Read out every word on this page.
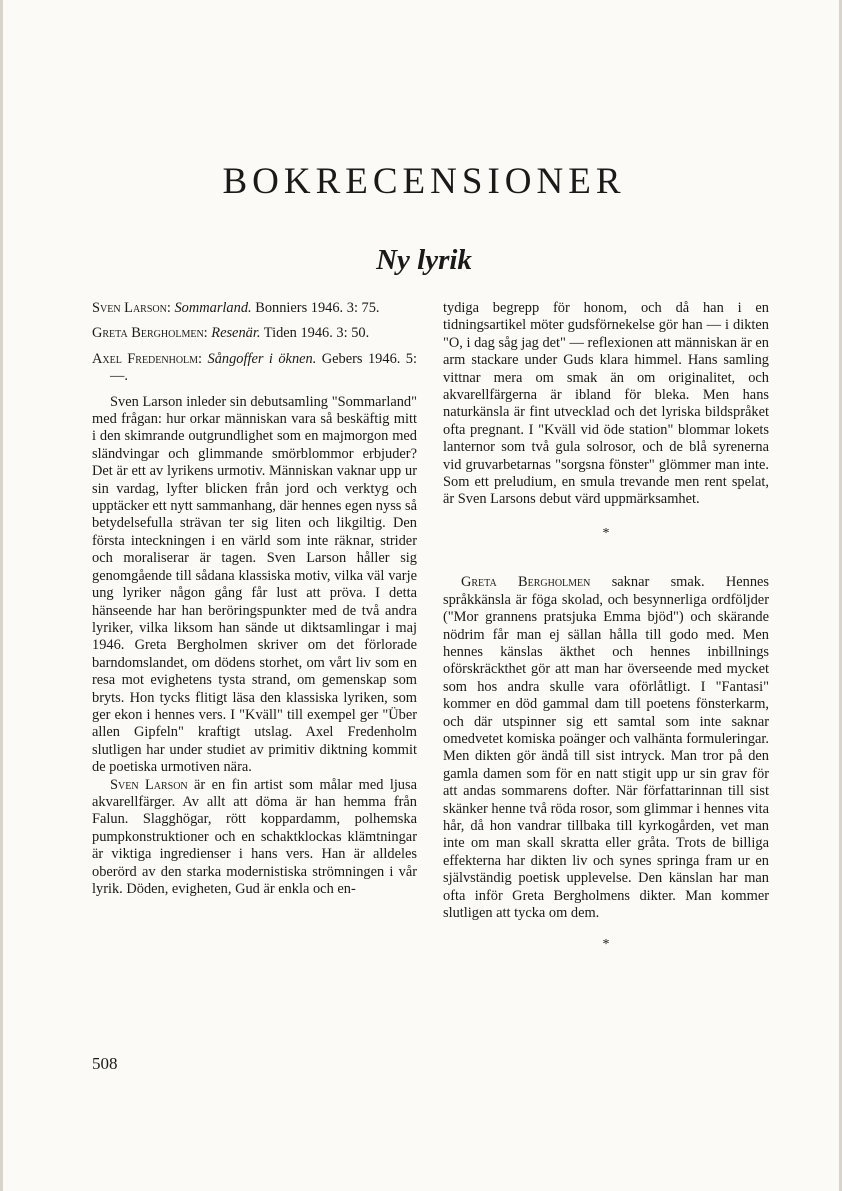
BOKRECENSIONER
Ny lyrik
Sven Larson: Sommarland. Bonniers 1946. 3: 75.
Greta Bergholmen: Resenär. Tiden 1946. 3: 50.
Axel Fredenholm: Sångoffer i öknen. Gebers 1946. 5: —.

Sven Larson inleder sin debutsamling "Sommarland" med frågan: hur orkar människan vara så beskäftig mitt i den skimrande outgrundlighet som en majmorgon med sländvingar och glimmande smörblommor erbjuder? Det är ett av lyrikens urmotiv. Människan vaknar upp ur sin vardag, lyfter blicken från jord och verktyg och upptäcker ett nytt sammanhang, där hennes egen nyss så betydelsefulla strävan ter sig liten och likgiltig. Den första inteckningen i en värld som inte räknar, strider och moraliserar är tagen. Sven Larson håller sig genomgående till sådana klassiska motiv, vilka väl varje ung lyriker någon gång får lust att pröva. I detta hänseende har han beröringspunkter med de två andra lyriker, vilka liksom han sände ut diktsamlingar i maj 1946. Greta Bergholmen skriver om det förlorade barndomslandet, om dödens storhet, om vårt liv som en resa mot evighetens tysta strand, om gemenskap som bryts. Hon tycks flitigt läsa den klassiska lyriken, som ger ekon i hennes vers. I "Kväll" till exempel ger "Über allen Gipfeln" kraftigt utslag. Axel Fredenholm slutligen har under studiet av primitiv diktning kommit de poetiska urmotiven nära.

Sven Larson är en fin artist som målar med ljusa akvarellfärger. Av allt att döma är han hemma från Falun. Slagghögar, rött koppardamm, polhemska pumpkonstruktioner och en schaktklockas klämtningar är viktiga ingredienser i hans vers. Han är alldeles oberörd av den starka modernistiska strömningen i vår lyrik. Döden, evigheten, Gud är enkla och en-

tydiga begrepp för honom, och då han i en tidningsartikel möter gudsförnekelse gör han — i dikten "O, i dag såg jag det" — reflexionen att människan är en arm stackare under Guds klara himmel. Hans samling vittnar mera om smak än om originalitet, och akvarellfärgerna är ibland för bleka. Men hans naturkänsla är fint utvecklad och det lyriska bildspråket ofta pregnant. I "Kväll vid öde station" blommar lokets lanternor som två gula solrosor, och de blå syrenerna vid gruvarbetarnas "sorgsna fönster" glömmer man inte. Som ett preludium, en smula trevande men rent spelat, är Sven Larsons debut värd uppmärksamhet.

*

Greta Bergholmen saknar smak. Hennes språkkänsla är föga skolad, och besynnerliga ordföljder ("Mor grannens pratsjuka Emma bjöd") och skärande nödrim får man ej sällan hålla till godo med. Men hennes känslas äkthet och hennes inbillnings oförskräckthet gör att man har överseende med mycket som hos andra skulle vara oförlåtligt. I "Fantasi" kommer en död gammal dam till poetens fönsterkarm, och där utspinner sig ett samtal som inte saknar omedvetet komiska poänger och valhänta formuleringar. Men dikten gör ändå till sist intryck. Man tror på den gamla damen som för en natt stigit upp ur sin grav för att andas sommarens dofter. När författarinnan till sist skänker henne två röda rosor, som glimmar i hennes vita hår, då hon vandrar tillbaka till kyrkogården, vet man inte om man skall skratta eller gråta. Trots de billiga effekterna har dikten liv och synes springa fram ur en självständig poetisk upplevelse. Den känslan har man ofta inför Greta Bergholmens dikter. Man kommer slutligen att tycka om dem.

*
508
